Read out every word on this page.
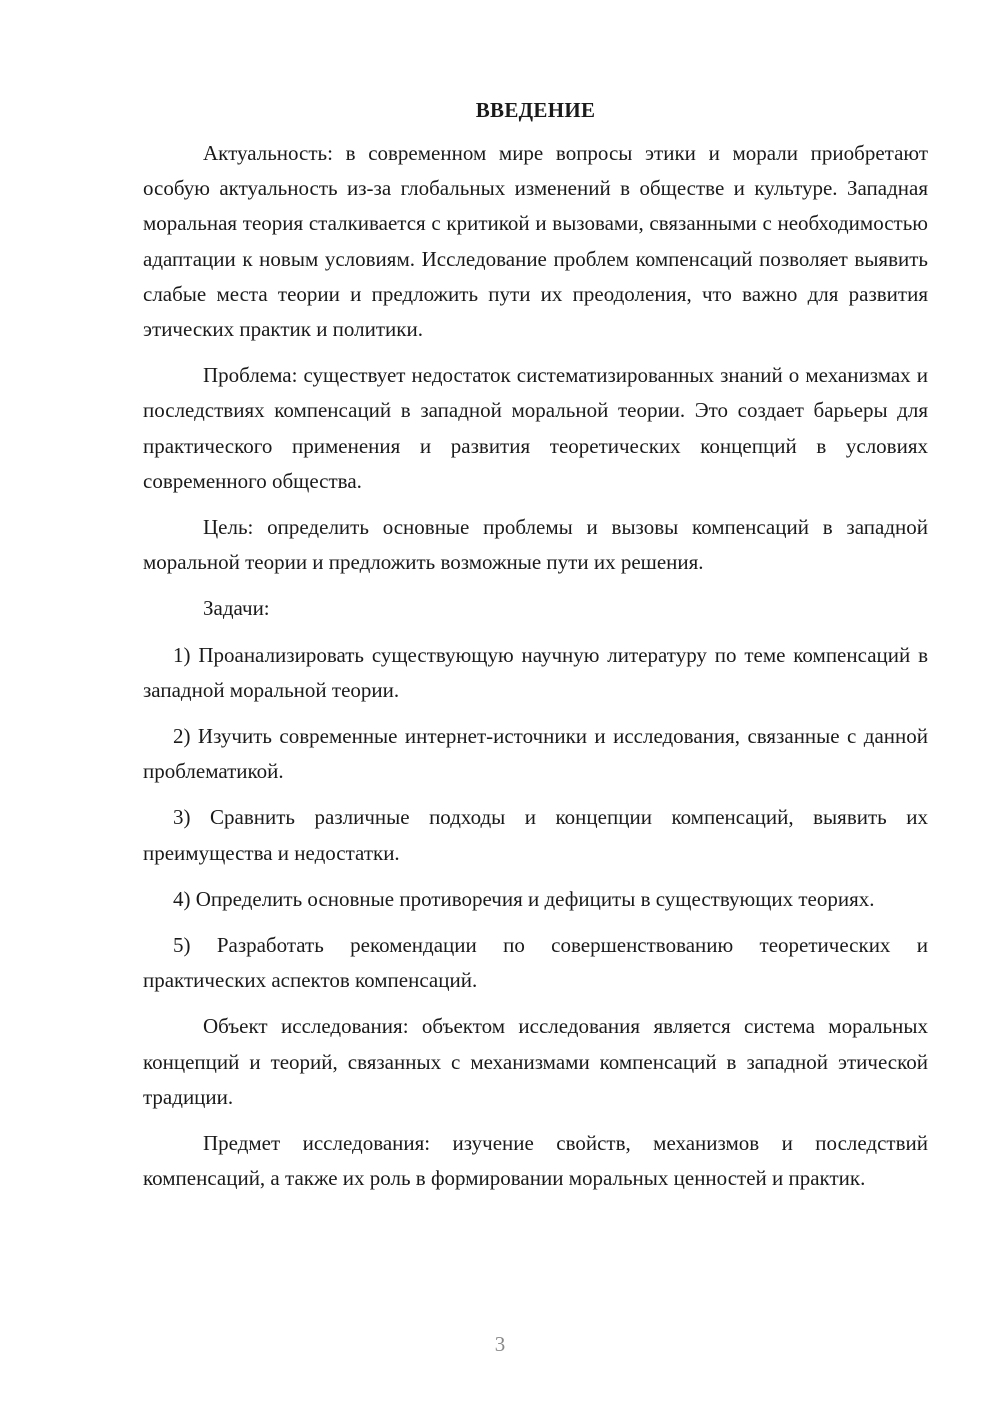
ВВЕДЕНИЕ

Актуальность: в современном мире вопросы этики и морали приобретают особую актуальность из-за глобальных изменений в обществе и культуре. Западная моральная теория сталкивается с критикой и вызовами, связанными с необходимостью адаптации к новым условиям. Исследование проблем компенсаций позволяет выявить слабые места теории и предложить пути их преодоления, что важно для развития этических практик и политики.

Проблема: существует недостаток систематизированных знаний о механизмах и последствиях компенсаций в западной моральной теории. Это создает барьеры для практического применения и развития теоретических концепций в условиях современного общества.

Цель: определить основные проблемы и вызовы компенсаций в западной моральной теории и предложить возможные пути их решения.

Задачи:

1) Проанализировать существующую научную литературу по теме компенсаций в западной моральной теории.

2) Изучить современные интернет-источники и исследования, связанные с данной проблематикой.

3) Сравнить различные подходы и концепции компенсаций, выявить их преимущества и недостатки.

4) Определить основные противоречия и дефициты в существующих теориях.

5) Разработать рекомендации по совершенствованию теоретических и практических аспектов компенсаций.

Объект исследования: объектом исследования является система моральных концепций и теорий, связанных с механизмами компенсаций в западной этической традиции.

Предмет исследования: изучение свойств, механизмов и последствий компенсаций, а также их роль в формировании моральных ценностей и практик.

3
